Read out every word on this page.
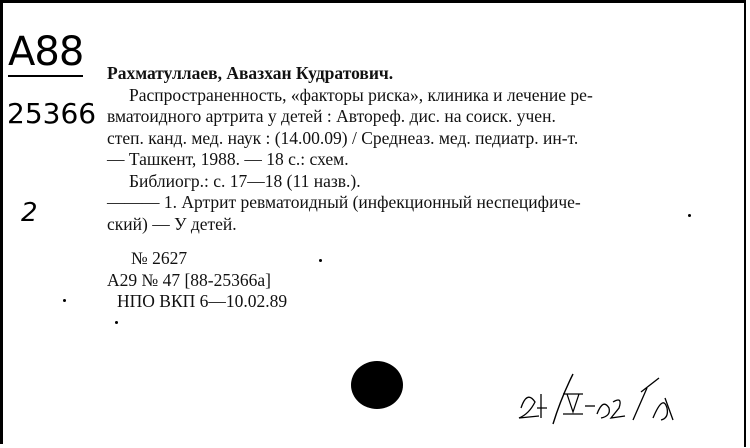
A88
25366
2

Рахматуллаев, Авазхан Кудратович.

Распространенность, «факторы риска», клиника и лечение ре-

вматоидного артрита у детей : Автореф. дис. на соиск. учен.

степ. канд. мед. наук : (14.00.09) / Среднеаз. мед. педиатр. ин-т.

— Ташкент, 1988. — 18 с.: схем.

Библиогр.: с. 17—18 (11 назв.).

——— 1. Артрит ревматоидный (инфекционный неспецифиче-

ский) — У детей.

№ 2627
A29 № 47 [88-25366a]
НПО ВКП 6—10.02.89
